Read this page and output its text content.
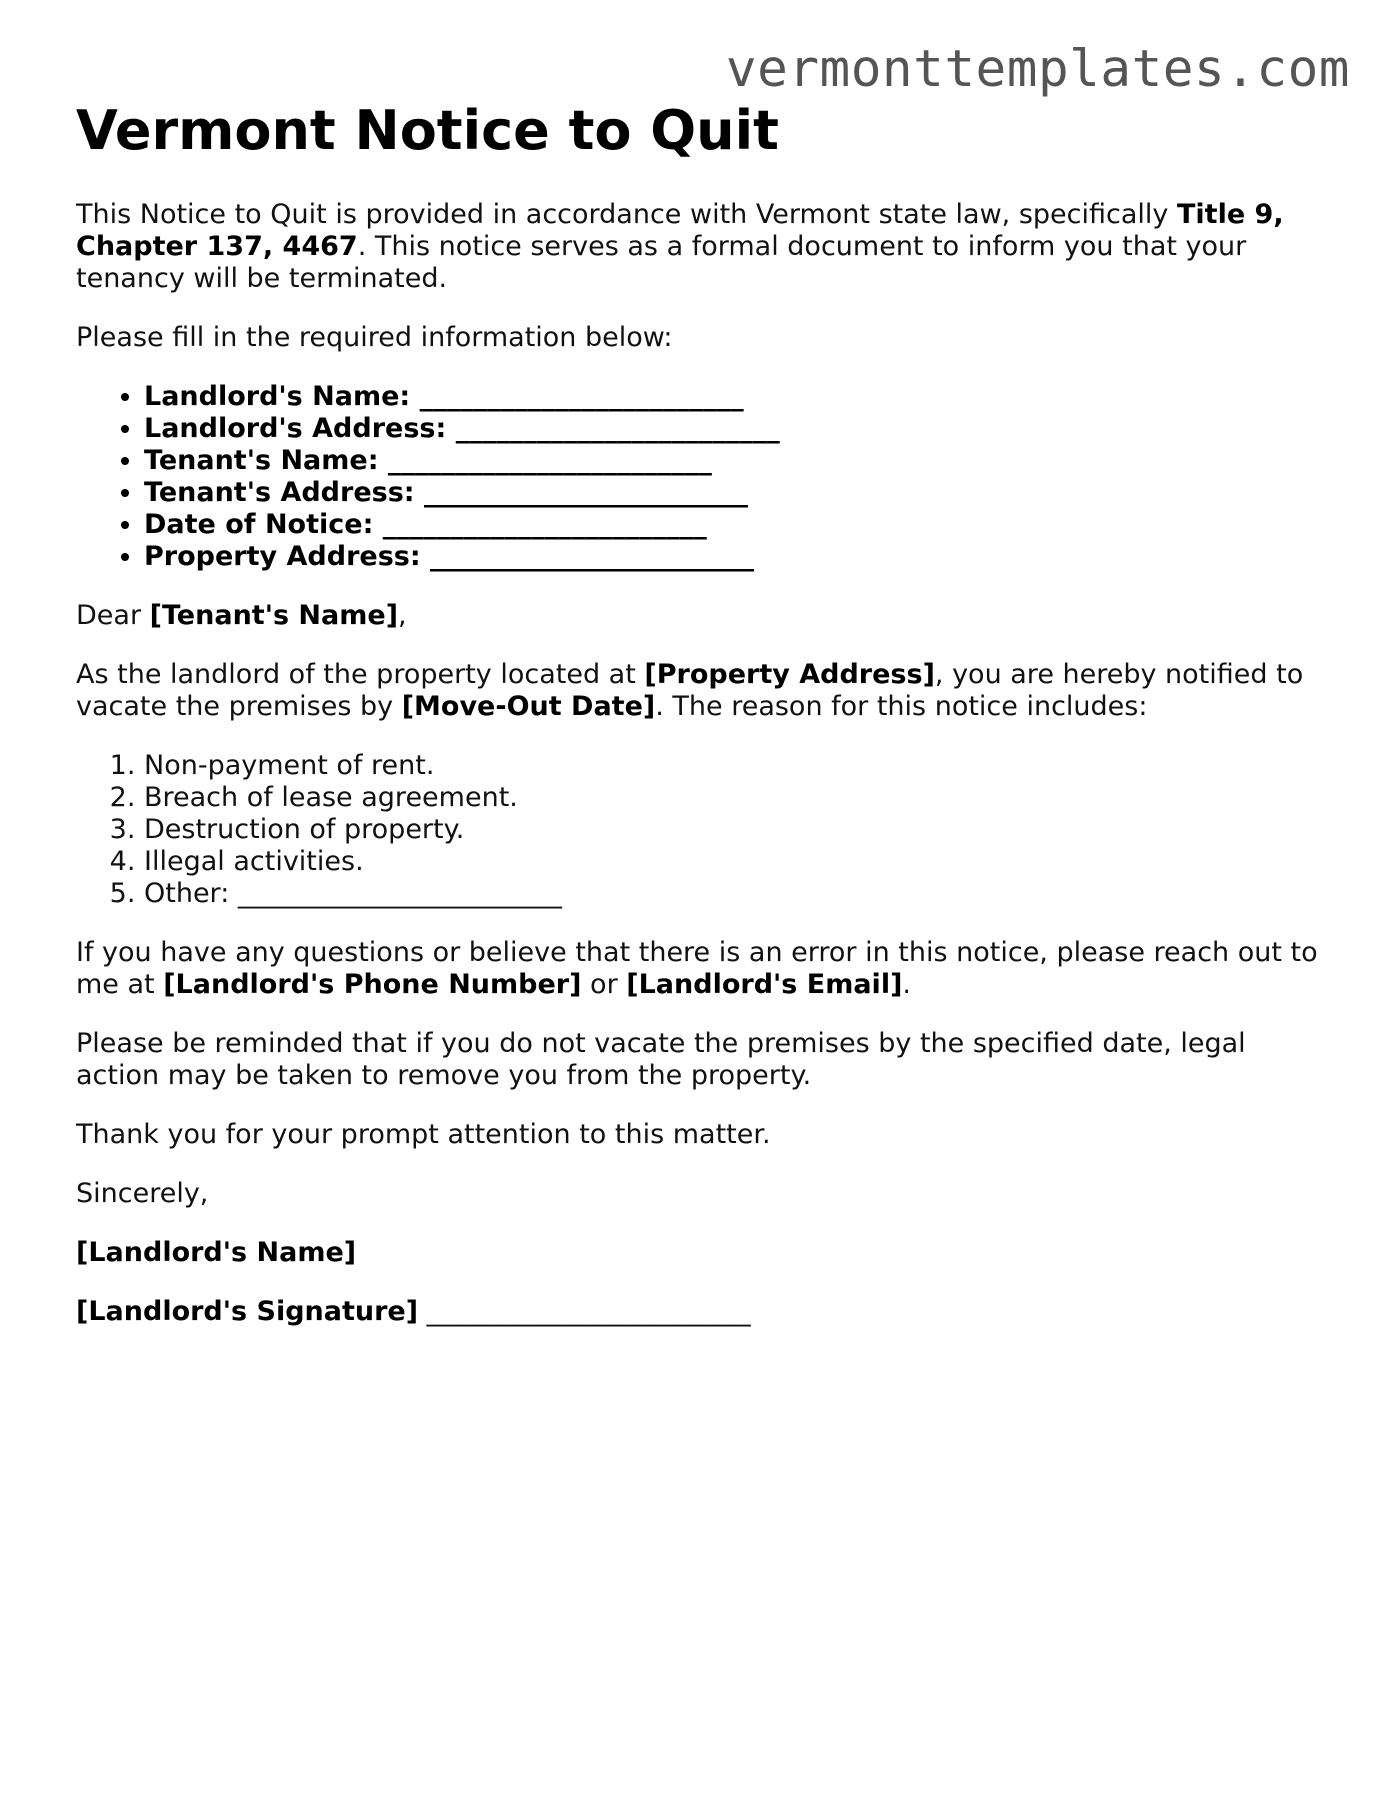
vermonttemplates.com
Vermont Notice to Quit

This Notice to Quit is provided in accordance with Vermont state law, specifically Title 9, Chapter 137, 4467. This notice serves as a formal document to inform you that your tenancy will be terminated.

Please fill in the required information below:

• Landlord's Name: ________________________
• Landlord's Address: ________________________
• Tenant's Name: ________________________
• Tenant's Address: ________________________
• Date of Notice: ________________________
• Property Address: ________________________

Dear [Tenant's Name],

As the landlord of the property located at [Property Address], you are hereby notified to vacate the premises by [Move-Out Date]. The reason for this notice includes:

1. Non-payment of rent.
2. Breach of lease agreement.
3. Destruction of property.
4. Illegal activities.
5. Other: ________________________

If you have any questions or believe that there is an error in this notice, please reach out to me at [Landlord's Phone Number] or [Landlord's Email].

Please be reminded that if you do not vacate the premises by the specified date, legal action may be taken to remove you from the property.

Thank you for your prompt attention to this matter.

Sincerely,

[Landlord's Name]

[Landlord's Signature] ________________________
